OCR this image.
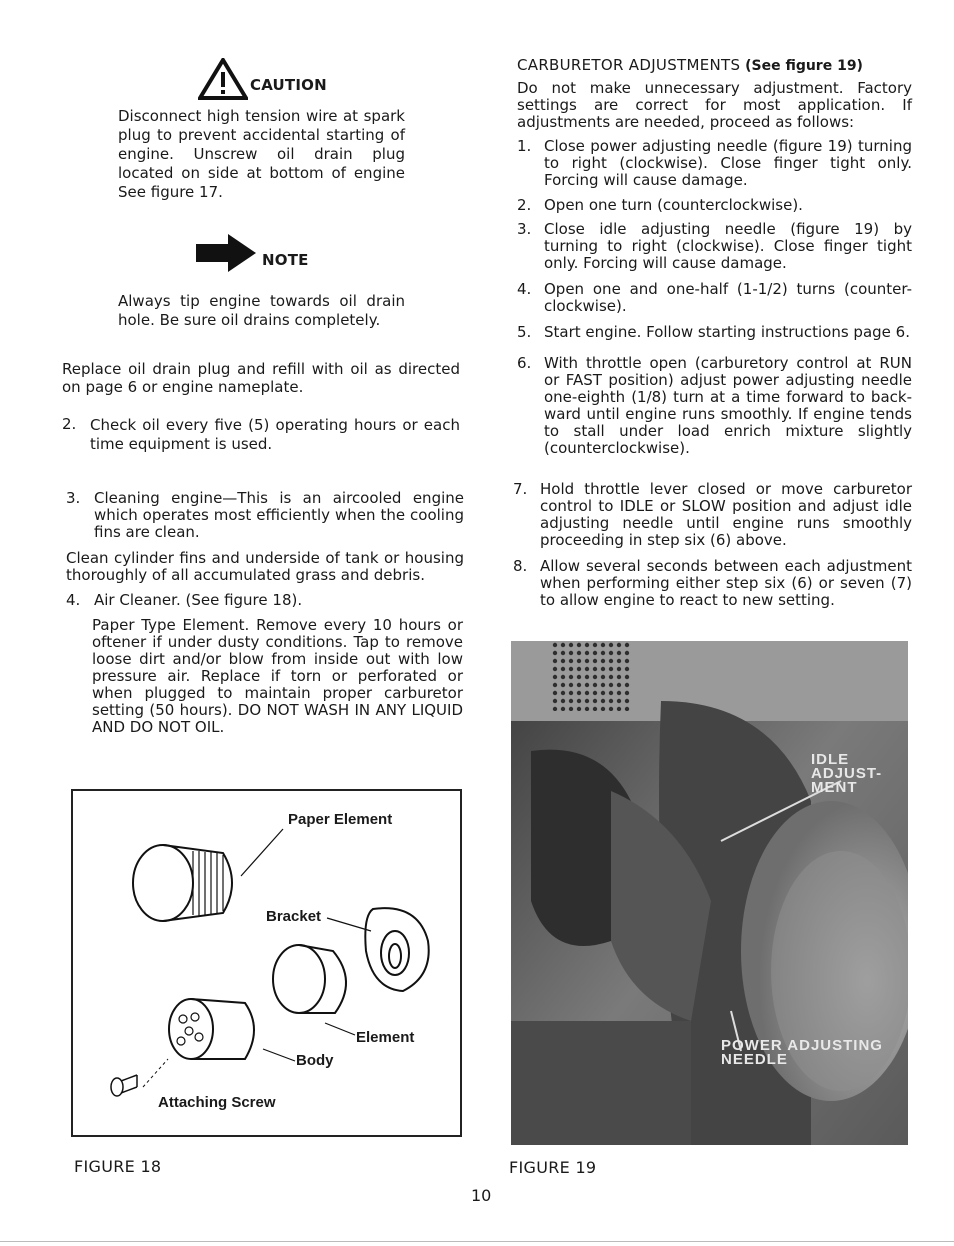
CAUTION
Disconnect high tension wire at spark plug to prevent accidental starting of engine. Unscrew oil drain plug located on side at bottom of engine See figure 17.
NOTE
Always tip engine towards oil drain hole. Be sure oil drains completely.
Replace oil drain plug and refill with oil as directed on page 6 or engine nameplate.
2. Check oil every five (5) operating hours or each time equipment is used.
3. Cleaning engine—This is an aircooled engine which operates most efficiently when the cooling fins are clean.
Clean cylinder fins and underside of tank or housing thoroughly of all accumulated grass and debris.
4. Air Cleaner. (See figure 18).
Paper Type Element. Remove every 10 hours or oftener if under dusty conditions. Tap to remove loose dirt and/or blow from inside out with low pressure air. Replace if torn or perforated or when plugged to maintain proper carburetor setting (50 hours). DO NOT WASH IN ANY LIQUID AND DO NOT OIL.
Paper Element
Bracket
Element
Body
Attaching Screw
FIGURE 18
CARBURETOR ADJUSTMENTS (See figure 19)
Do not make unnecessary adjustment. Factory settings are correct for most application. If adjustments are needed, proceed as follows:
1. Close power adjusting needle (figure 19) turning to right (clockwise). Close finger tight only. Forcing will cause damage.
2. Open one turn (counterclockwise).
3. Close idle adjusting needle (figure 19) by turning to right (clockwise). Close finger tight only. Forcing will cause damage.
4. Open one and one-half (1-1/2) turns (counter-clockwise).
5. Start engine. Follow starting instructions page 6.
6. With throttle open (carburetory control at RUN or FAST position) adjust power adjusting needle one-eighth (1/8) turn at a time forward to back-ward until engine runs smoothly. If engine tends to stall under load enrich mixture slightly (counterclockwise).
7. Hold throttle lever closed or move carburetor control to IDLE or SLOW position and adjust idle adjusting needle until engine runs smoothly proceeding in step six (6) above.
8. Allow several seconds between each adjustment when performing either step six (6) or seven (7) to allow engine to react to new setting.
IDLE
ADJUST-
MENT
POWER ADJUSTING
NEEDLE
FIGURE 19
10
